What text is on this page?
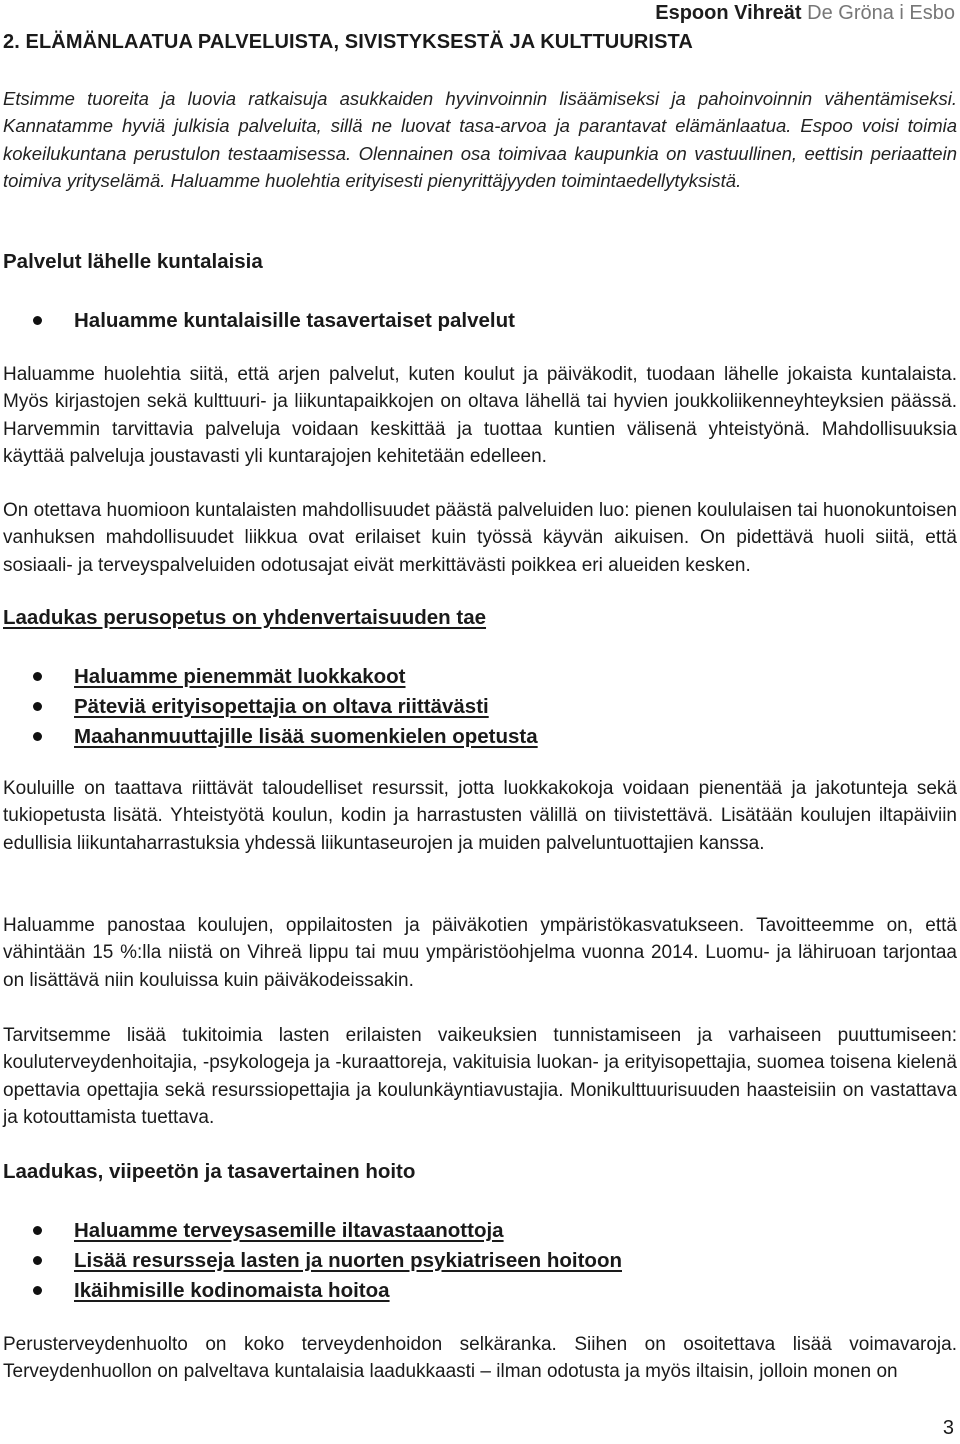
Espoon Vihreät De Gröna i Esbo
2. ELÄMÄNLAATUA PALVELUISTA, SIVISTYKSESTÄ JA KULTTUURISTA

Etsimme tuoreita ja luovia ratkaisuja asukkaiden hyvinvoinnin lisäämiseksi ja pahoinvoinnin vähentämiseksi. Kannatamme hyviä julkisia palveluita, sillä ne luovat tasa-arvoa ja parantavat elämänlaatua. Espoo voisi toimia kokeilukuntana perustulon testaamisessa. Olennainen osa toimivaa kaupunkia on vastuullinen, eettisin periaattein toimiva yrityselämä. Haluamme huolehtia erityisesti pienyrittäjyyden toimintaedellytyksistä.

Palvelut lähelle kuntalaisia

Haluamme kuntalaisille tasavertaiset palvelut

Haluamme huolehtia siitä, että arjen palvelut, kuten koulut ja päiväkodit, tuodaan lähelle jokaista kuntalaista. Myös kirjastojen sekä kulttuuri- ja liikuntapaikkojen on oltava lähellä tai hyvien joukkoliikenneyhteyksien päässä. Harvemmin tarvittavia palveluja voidaan keskittää ja tuottaa kuntien välisenä yhteistyönä. Mahdollisuuksia käyttää palveluja joustavasti yli kuntarajojen kehitetään edelleen.

On otettava huomioon kuntalaisten mahdollisuudet päästä palveluiden luo: pienen koululaisen tai huonokuntoisen vanhuksen mahdollisuudet liikkua ovat erilaiset kuin työssä käyvän aikuisen. On pidettävä huoli siitä, että sosiaali- ja terveyspalveluiden odotusajat eivät merkittävästi poikkea eri alueiden kesken.

Laadukas perusopetus on yhdenvertaisuuden tae

Haluamme pienemmät luokkakoot
Päteviä erityisopettajia on oltava riittävästi
Maahanmuuttajille lisää suomenkielen opetusta

Kouluille on taattava riittävät taloudelliset resurssit, jotta luokkakokoja voidaan pienentää ja jakotunteja sekä tukiopetusta lisätä. Yhteistyötä koulun, kodin ja harrastusten välillä on tiivistettävä. Lisätään koulujen iltapäiviin edullisia liikuntaharrastuksia yhdessä liikuntaseurojen ja muiden palveluntuottajien kanssa.

Haluamme panostaa koulujen, oppilaitosten ja päiväkotien ympäristökasvatukseen. Tavoitteemme on, että vähintään 15 %:lla niistä on Vihreä lippu tai muu ympäristöohjelma vuonna 2014. Luomu- ja lähiruoan tarjontaa on lisättävä niin kouluissa kuin päiväkodeissakin.

Tarvitsemme lisää tukitoimia lasten erilaisten vaikeuksien tunnistamiseen ja varhaiseen puuttumiseen: kouluterveydenhoitajia, -psykologeja ja -kuraattoreja, vakituisia luokan- ja erityisopettajia, suomea toisena kielenä opettavia opettajia sekä resurssiopettajia ja koulunkäyntiavustajia. Monikulttuurisuuden haasteisiin on vastattava ja kotouttamista tuettava.

Laadukas, viipeetön ja tasavertainen hoito

Haluamme terveysasemille iltavastaanottoja
Lisää resursseja lasten ja nuorten psykiatriseen hoitoon
Ikäihmisille kodinomaista hoitoa

Perusterveydenhuolto on koko terveydenhoidon selkäranka. Siihen on osoitettava lisää voimavaroja. Terveydenhuollon on palveltava kuntalaisia laadukkaasti – ilman odotusta ja myös iltaisin, jolloin monen on

3
